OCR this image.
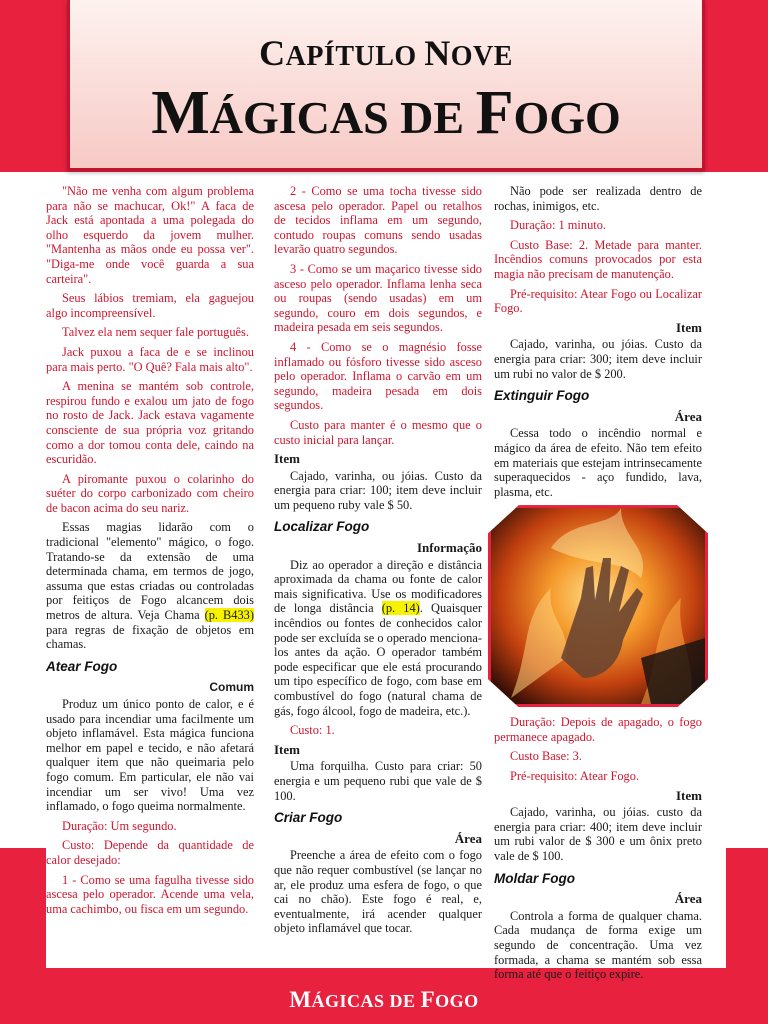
CAPÍTULO NOVE
MÁGICAS DE FOGO

"Não me venha com algum problema para não se machucar, Ok!" A faca de Jack está apontada a uma polegada do olho esquerdo da jovem mulher. "Mantenha as mãos onde eu possa ver". "Diga-me onde você guarda a sua carteira".

Seus lábios tremiam, ela gaguejou algo incompreensível.

Talvez ela nem sequer fale português.

Jack puxou a faca de e se inclinou para mais perto. "O Quê? Fala mais alto".

A menina se mantém sob controle, respirou fundo e exalou um jato de fogo no rosto de Jack. Jack estava vagamente consciente de sua própria voz gritando como a dor tomou conta dele, caindo na escuridão.

A piromante puxou o colarinho do suéter do corpo carbonizado com cheiro de bacon acima do seu nariz.

Essas magias lidarão com o tradicional "elemento" mágico, o fogo. Tratando-se da extensão de uma determinada chama, em termos de jogo, assuma que estas criadas ou controladas por feitiços de Fogo alcancem dois metros de altura. Veja Chama (p. B433) para regras de fixação de objetos em chamas.

Atear Fogo
Comum

Produz um único ponto de calor, e é usado para incendiar uma facilmente um objeto inflamável. Esta mágica funciona melhor em papel e tecido, e não afetará qualquer item que não queimaria pelo fogo comum. Em particular, ele não vai incendiar um ser vivo! Uma vez inflamado, o fogo queima normalmente.

Duração: Um segundo.

Custo: Depende da quantidade de calor desejado:

1 - Como se uma fagulha tivesse sido ascesa pelo operador. Acende uma vela, uma cachimbo, ou fisca em um segundo.

2 - Como se uma tocha tivesse sido ascesa pelo operador. Papel ou retalhos de tecidos inflama em um segundo, contudo roupas comuns sendo usadas levarão quatro segundos.

3 - Como se um maçarico tivesse sido asceso pelo operador. Inflama lenha seca ou roupas (sendo usadas) em um segundo, couro em dois segundos, e madeira pesada em seis segundos.

4 - Como se o magnésio fosse inflamado ou fósforo tivesse sido asceso pelo operador. Inflama o carvão em um segundo, madeira pesada em dois segundos.

Custo para manter é o mesmo que o custo inicial para lançar.

Item

Cajado, varinha, ou jóias. Custo da energia para criar: 100; item deve incluir um pequeno ruby vale $ 50.

Localizar Fogo
Informação

Diz ao operador a direção e distância aproximada da chama ou fonte de calor mais significativa. Use os modificadores de longa distância (p. 14). Quaisquer incêndios ou fontes de conhecidos calor pode ser excluída se o operado menciona-los antes da ação. O operador também pode especificar que ele está procurando um tipo específico de fogo, com base em combustível do fogo (natural chama de gás, fogo álcool, fogo de madeira, etc.).

Custo: 1.

Item

Uma forquilha. Custo para criar: 50 energia e um pequeno rubi que vale de $ 100.

Criar Fogo
Área

Preenche a área de efeito com o fogo que não requer combustível (se lançar no ar, ele produz uma esfera de fogo, o que cai no chão). Este fogo é real, e, eventualmente, irá acender qualquer objeto inflamável que tocar.

Não pode ser realizada dentro de rochas, inimigos, etc.

Duração: 1 minuto.

Custo Base: 2. Metade para manter. Incêndios comuns provocados por esta magia não precisam de manutenção.

Pré-requisito: Atear Fogo ou Localizar Fogo.

Item

Cajado, varinha, ou jóias. Custo da energia para criar: 300; item deve incluir um rubi no valor de $ 200.

Extinguir Fogo
Área

Cessa todo o incêndio normal e mágico da área de efeito. Não tem efeito em materiais que estejam intrinsecamente superaquecidos - aço fundido, lava, plasma, etc.

Duração: Depois de apagado, o fogo permanece apagado.

Custo Base: 3.

Pré-requisito: Atear Fogo.

Item

Cajado, varinha, ou jóias. custo da energia para criar: 400; item deve incluir um rubi valor de $ 300 e um ônix preto vale de $ 100.

Moldar Fogo
Área

Controla a forma de qualquer chama. Cada mudança de forma exige um segundo de concentração. Uma vez formada, a chama se mantém sob essa forma até que o feitiço expire.

MÁGICAS DE FOGO
